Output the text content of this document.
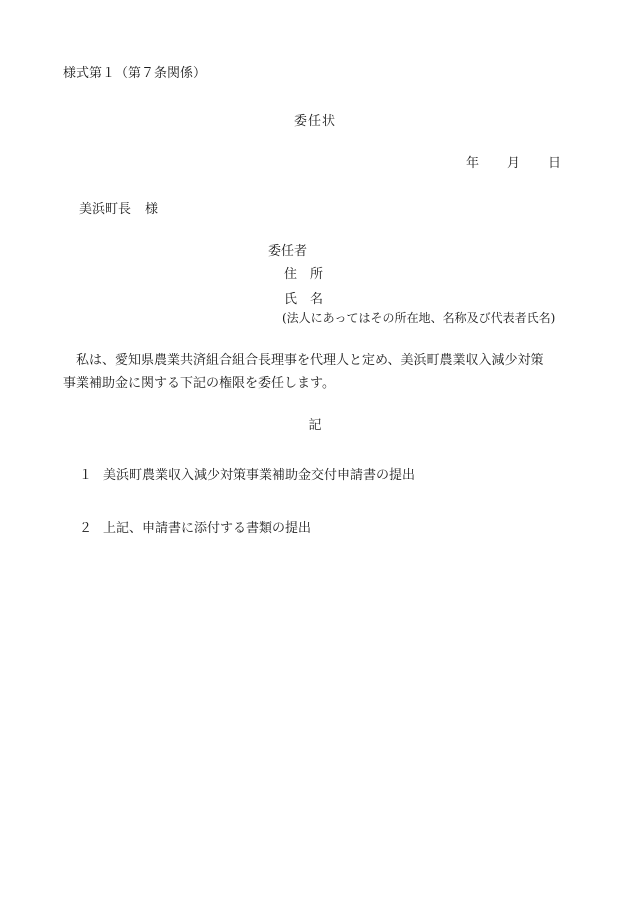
様式第１（第７条関係）
委任状
年 月 日
美浜町長 様
委任者
住 所
氏 名
(法人にあってはその所在地、名称及び代表者氏名)

　私は、愛知県農業共済組合組合長理事を代理人と定め、美浜町農業収入減少対策

事業補助金に関する下記の権限を委任します。

記
１ 美浜町農業収入減少対策事業補助金交付申請書の提出
２ 上記、申請書に添付する書類の提出
